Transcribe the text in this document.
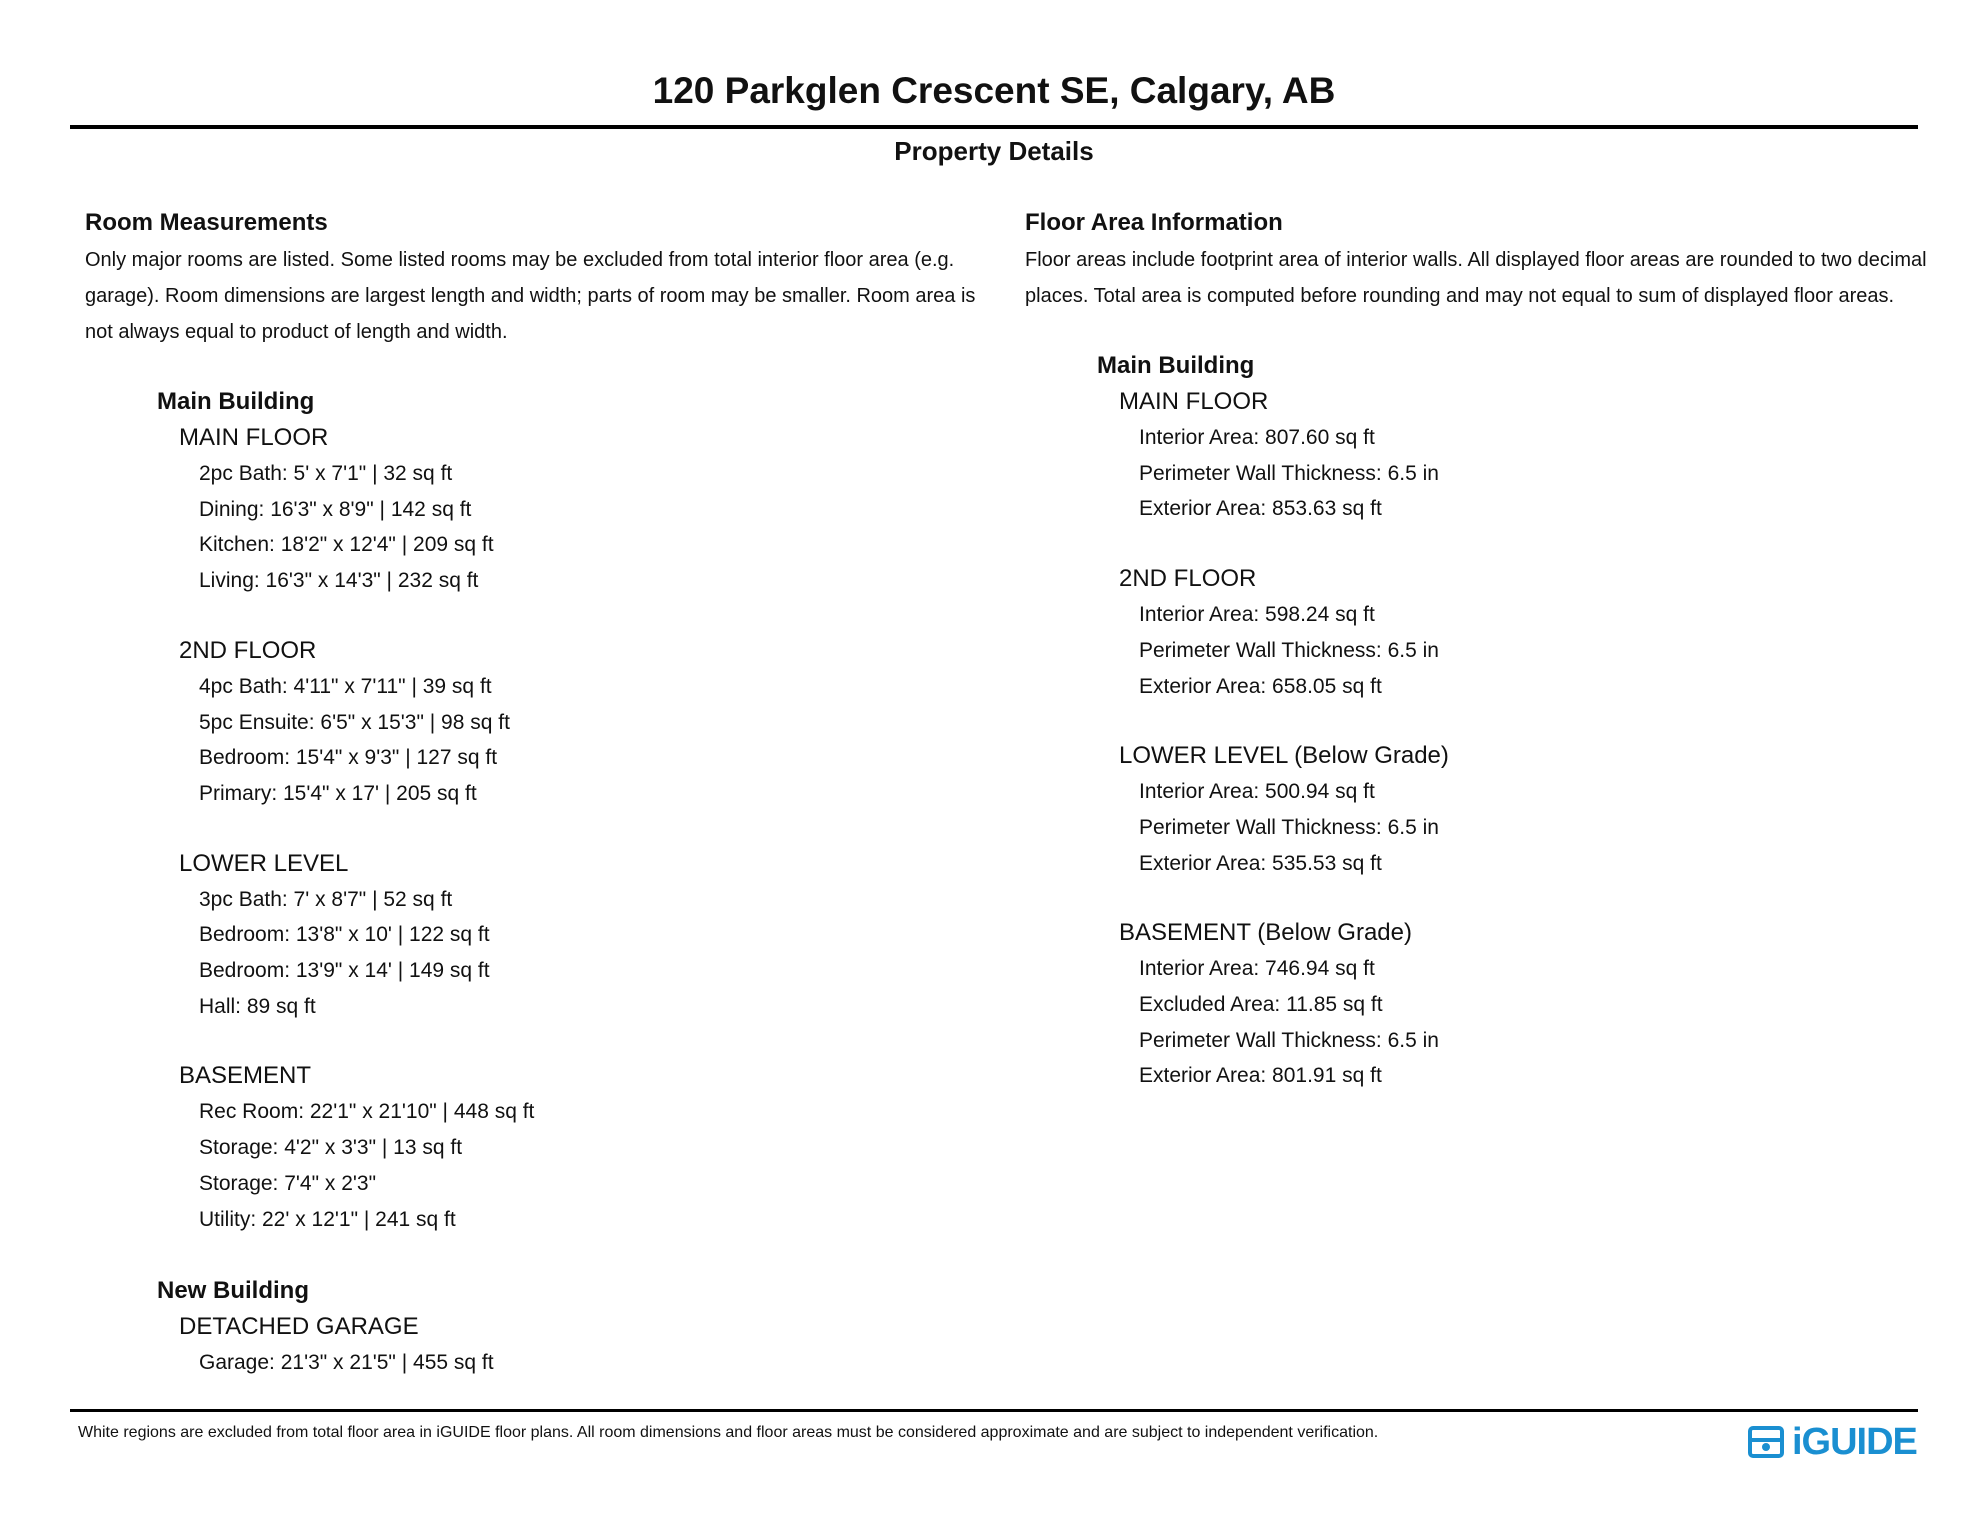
120 Parkglen Crescent SE, Calgary, AB
Property Details
Room Measurements

Only major rooms are listed. Some listed rooms may be excluded from total interior floor area (e.g. garage). Room dimensions are largest length and width; parts of room may be smaller. Room area is not always equal to product of length and width.

Main Building
MAIN FLOOR
2pc Bath: 5' x 7'1" | 32 sq ft
Dining: 16'3" x 8'9" | 142 sq ft
Kitchen: 18'2" x 12'4" | 209 sq ft
Living: 16'3" x 14'3" | 232 sq ft
2ND FLOOR
4pc Bath: 4'11" x 7'11" | 39 sq ft
5pc Ensuite: 6'5" x 15'3" | 98 sq ft
Bedroom: 15'4" x 9'3" | 127 sq ft
Primary: 15'4" x 17' | 205 sq ft
LOWER LEVEL
3pc Bath: 7' x 8'7" | 52 sq ft
Bedroom: 13'8" x 10' | 122 sq ft
Bedroom: 13'9" x 14' | 149 sq ft
Hall: 89 sq ft
BASEMENT
Rec Room: 22'1" x 21'10" | 448 sq ft
Storage: 4'2" x 3'3" | 13 sq ft
Storage: 7'4" x 2'3"
Utility: 22' x 12'1" | 241 sq ft
New Building
DETACHED GARAGE
Garage: 21'3" x 21'5" | 455 sq ft
Floor Area Information

Floor areas include footprint area of interior walls. All displayed floor areas are rounded to two decimal places. Total area is computed before rounding and may not equal to sum of displayed floor areas.

Main Building
MAIN FLOOR
Interior Area: 807.60 sq ft
Perimeter Wall Thickness: 6.5 in
Exterior Area: 853.63 sq ft
2ND FLOOR
Interior Area: 598.24 sq ft
Perimeter Wall Thickness: 6.5 in
Exterior Area: 658.05 sq ft
LOWER LEVEL (Below Grade)
Interior Area: 500.94 sq ft
Perimeter Wall Thickness: 6.5 in
Exterior Area: 535.53 sq ft
BASEMENT (Below Grade)
Interior Area: 746.94 sq ft
Excluded Area: 11.85 sq ft
Perimeter Wall Thickness: 6.5 in
Exterior Area: 801.91 sq ft
White regions are excluded from total floor area in iGUIDE floor plans. All room dimensions and floor areas must be considered approximate and are subject to independent verification.	iGUIDE
